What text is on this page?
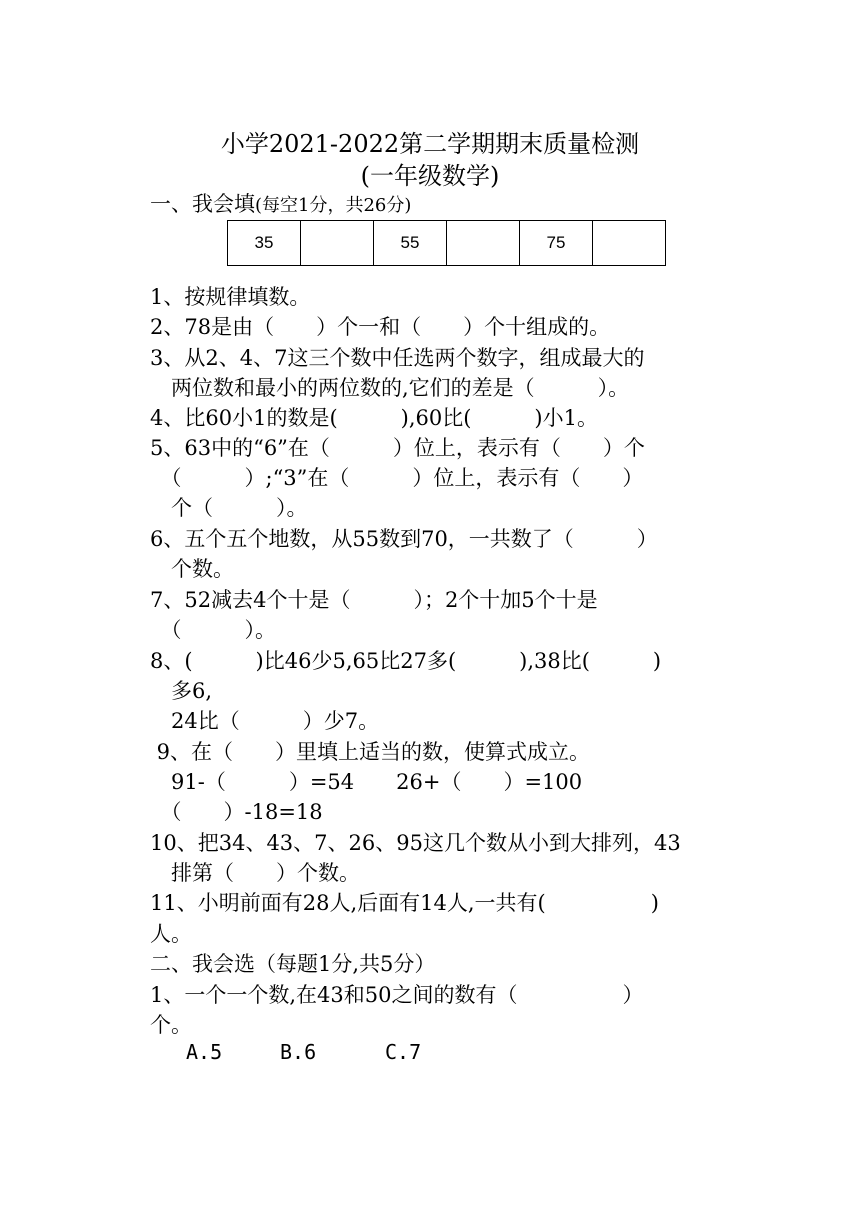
小学2021-2022第二学期期末质量检测
(一年级数学)
一、我会填(每空1分，共26分)
35		55		75	
1、按规律填数。
2、78是由（　　）个一和（　　）个十组成的。
3、从2、4、7这三个数中任选两个数字，组成最大的
　两位数和最小的两位数的,它们的差是（　　　）。
4、比60小1的数是(　　　),60比(　　　)小1。
5、63中的“6”在（　　　）位上，表示有（　　）个
　（　　　）;“3”在（　　　）位上，表示有（　　）
　个（　　　）。
6、五个五个地数，从55数到70，一共数了（　　　）
　个数。
7、52减去4个十是（　　　）；2个十加5个十是
　（　　　）。
8、(　　　)比46少5,65比27多(　　　),38比(　　　)
　多6,
　24比（　　　）少7。
9、在（　　）里填上适当的数，使算式成立。
　91-（　　　）=54　　26+（　　）=100
　（　　）-18=18
10、把34、43、7、26、95这几个数从小到大排列，43
　排第（　　）个数。
11、小明前面有28人,后面有14人,一共有(　　　　　)
人。
二、我会选（每题1分,共5分）
1、一个一个数,在43和50之间的数有（　　　　　）
个。
A.5	B.6	C.7
